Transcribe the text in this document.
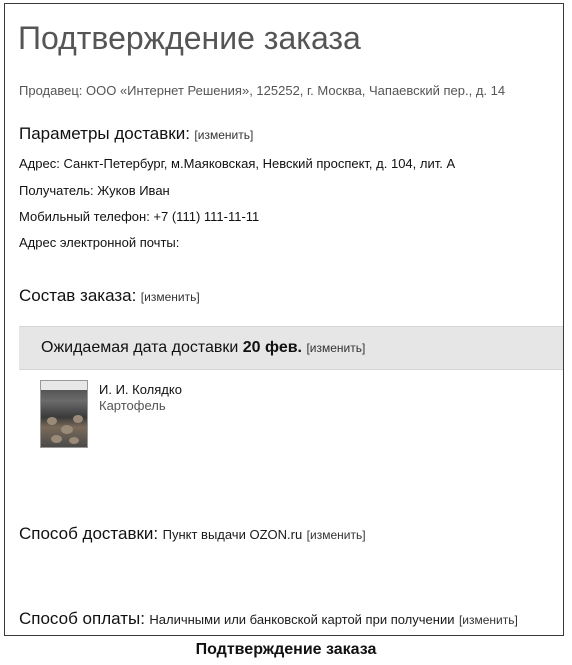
Подтверждение заказа
Продавец: ООО «Интернет Решения», 125252, г. Москва, Чапаевский пер., д. 14
Параметры доставки: [изменить]
Адрес: Санкт-Петербург, м.Маяковская, Невский проспект, д. 104, лит. А
Получатель: Жуков Иван
Мобильный телефон: +7 (111) 111-11-11
Адрес электронной почты:
Состав заказа: [изменить]
Ожидаемая дата доставки 20 фев. [изменить]
И. И. Колядко
Картофель
Способ доставки: Пункт выдачи OZON.ru [изменить]
Способ оплаты: Наличными или банковской картой при получении [изменить]
Подтверждение заказа
